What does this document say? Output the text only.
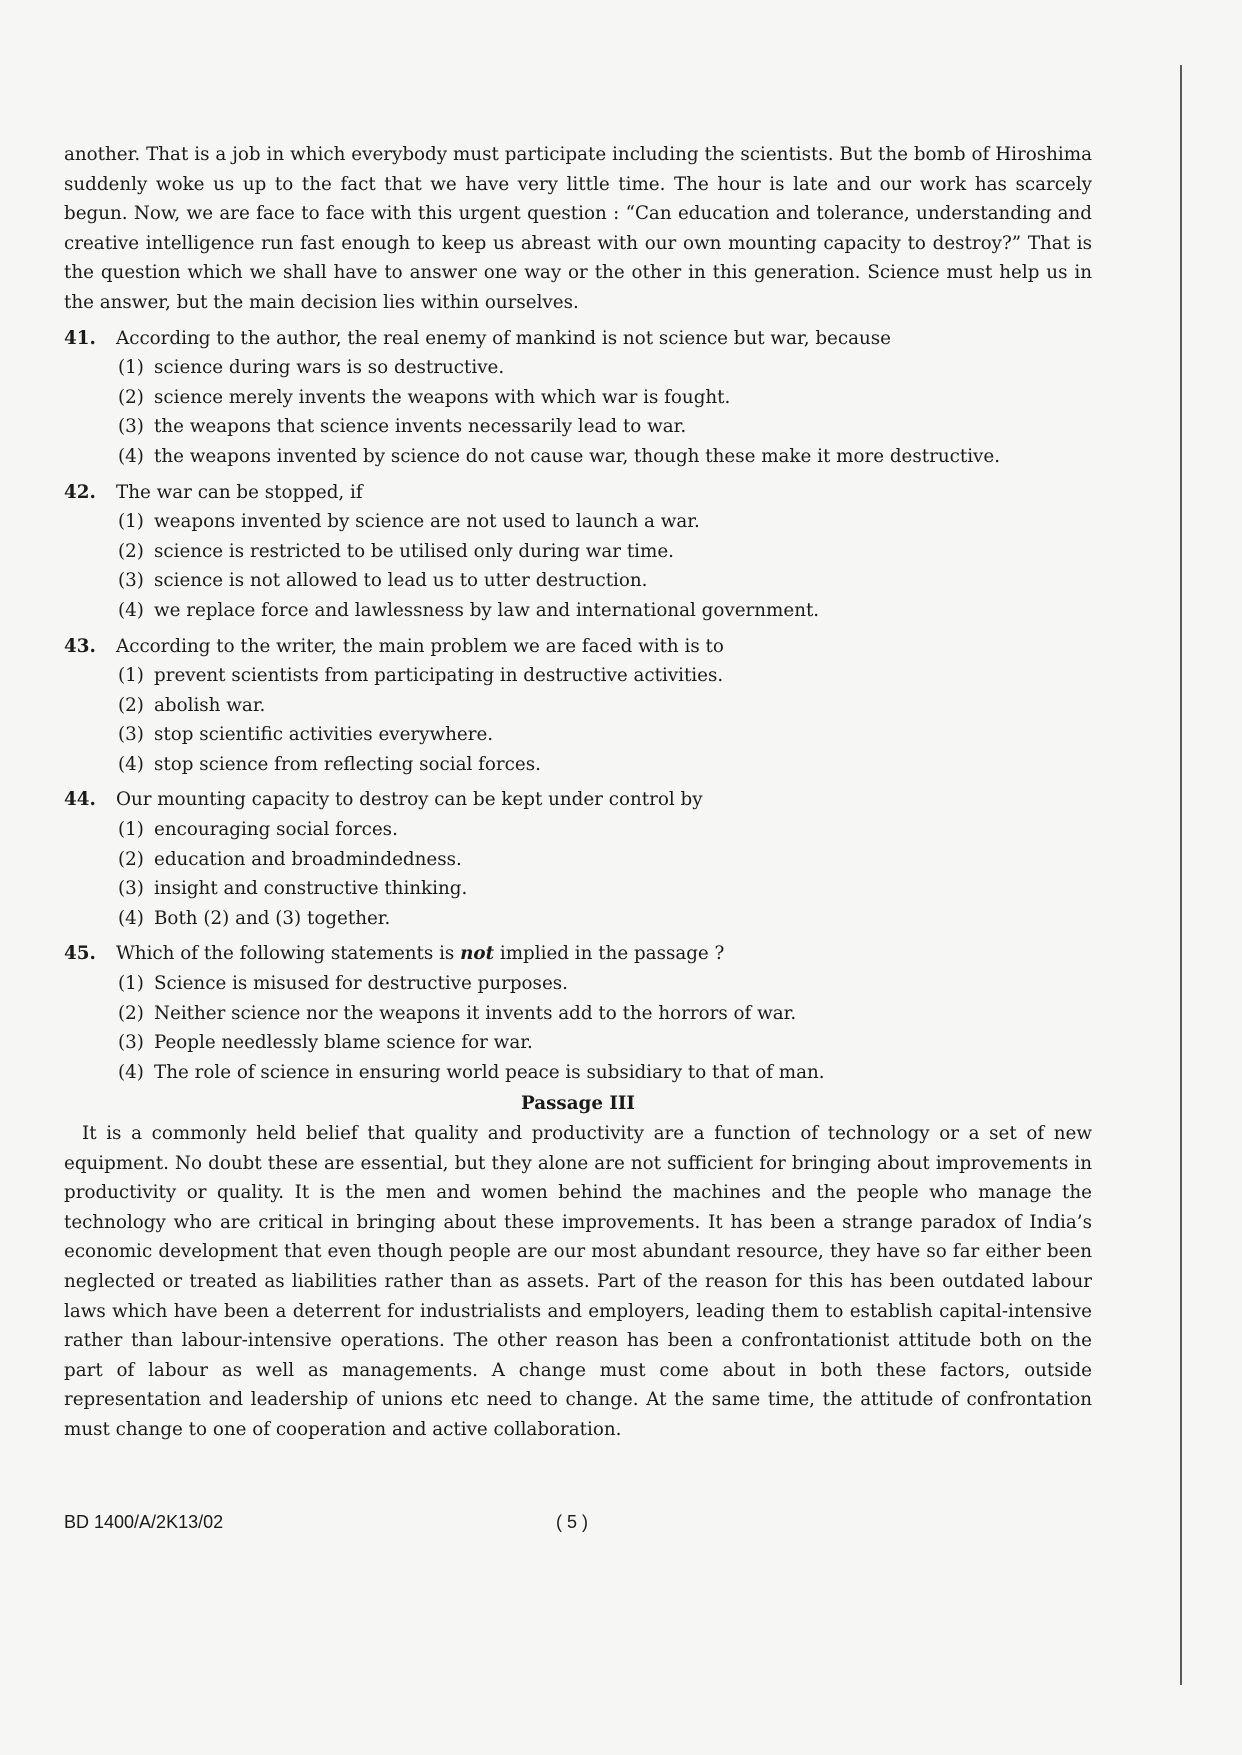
another. That is a job in which everybody must participate including the scientists. But the bomb of Hiroshima suddenly woke us up to the fact that we have very little time. The hour is late and our work has scarcely begun. Now, we are face to face with this urgent question : “Can education and tolerance, understanding and creative intelligence run fast enough to keep us abreast with our own mounting capacity to destroy?” That is the question which we shall have to answer one way or the other in this generation. Science must help us in the answer, but the main decision lies within ourselves.

41.	According to the author, the real enemy of mankind is not science but war, because
(1) science during wars is so destructive.
(2) science merely invents the weapons with which war is fought.
(3) the weapons that science invents necessarily lead to war.
(4) the weapons invented by science do not cause war, though these make it more destructive.
42.	The war can be stopped, if
(1) weapons invented by science are not used to launch a war.
(2) science is restricted to be utilised only during war time.
(3) science is not allowed to lead us to utter destruction.
(4) we replace force and lawlessness by law and international government.
43.	According to the writer, the main problem we are faced with is to
(1) prevent scientists from participating in destructive activities.
(2) abolish war.
(3) stop scientific activities everywhere.
(4) stop science from reflecting social forces.
44.	Our mounting capacity to destroy can be kept under control by
(1) encouraging social forces.
(2) education and broadmindedness.
(3) insight and constructive thinking.
(4) Both (2) and (3) together.
45.	Which of the following statements is not implied in the passage ?
(1) Science is misused for destructive purposes.
(2) Neither science nor the weapons it invents add to the horrors of war.
(3) People needlessly blame science for war.
(4) The role of science in ensuring world peace is subsidiary to that of man.
Passage III

It is a commonly held belief that quality and productivity are a function of technology or a set of new equipment. No doubt these are essential, but they alone are not sufficient for bringing about improvements in productivity or quality. It is the men and women behind the machines and the people who manage the technology who are critical in bringing about these improvements. It has been a strange paradox of India’s economic development that even though people are our most abundant resource, they have so far either been neglected or treated as liabilities rather than as assets. Part of the reason for this has been outdated labour laws which have been a deterrent for industrialists and employers, leading them to establish capital-intensive rather than labour-intensive operations. The other reason has been a confrontationist attitude both on the part of labour as well as managements. A change must come about in both these factors, outside representation and leadership of unions etc need to change. At the same time, the attitude of confrontation must change to one of cooperation and active collaboration.

BD 1400/A/2K13/02	( 5 )
